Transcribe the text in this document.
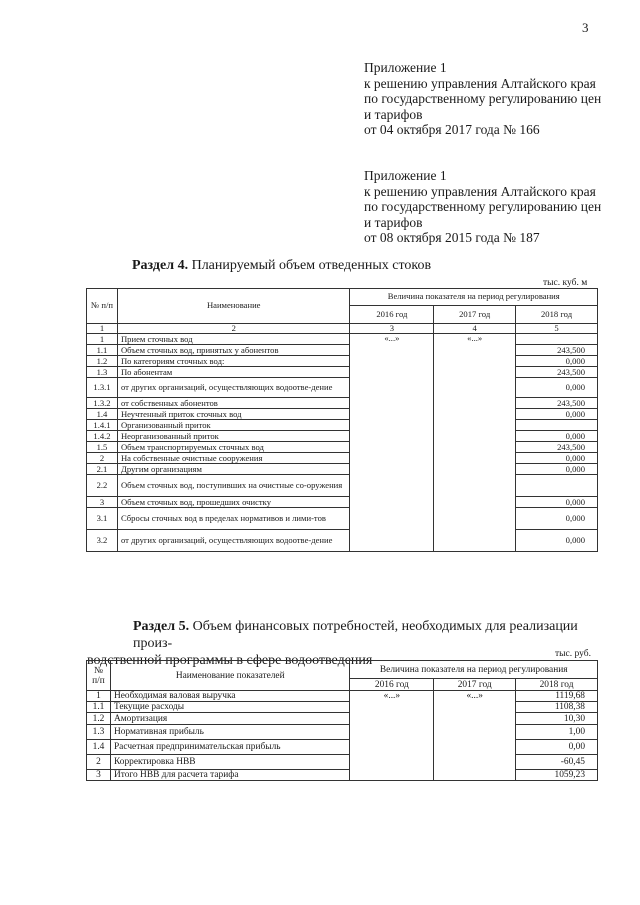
3
Приложение 1
к решению управления Алтайского края
по государственному регулированию цен
и тарифов
от 04 октября 2017 года № 166
Приложение 1
к решению управления Алтайского края
по государственному регулированию цен
и тарифов
от 08 октября 2015 года № 187
Раздел 4. Планируемый объем отведенных стоков
тыс. куб. м
№ п/п	Наименование	Величина показателя на период регулирования		
		2016 год	2017 год	2018 год
1	2	3	4	5
1	Прием сточных вод	«...»	«...»	
1.1	Объем сточных вод, принятых у абонентов			243,500
1.2	По категориям сточных вод:			0,000
1.3	По абонентам			243,500
1.3.1	от других организаций, осуществляющих водоотве-дение			0,000
1.3.2	от собственных абонентов			243,500
1.4	Неучтенный приток сточных вод			0,000
1.4.1	Организованный приток			
1.4.2	Неорганизованный приток			0,000
1.5	Объем транспортируемых сточных вод			243,500
2	На собственные очистные сооружения			0,000
2.1	Другим организациям			0,000
2.2	Объем сточных вод, поступивших на очистные со-оружения			
3	Объем сточных вод, прошедших очистку			0,000
3.1	Сбросы сточных вод в пределах нормативов и лими-тов			0,000
3.2	от других организаций, осуществляющих водоотве-дение			0,000
Раздел 5. Объем финансовых потребностей, необходимых для реализации произ-
водственной программы в сфере водоотведения	тыс. руб.
№ п/п	Наименование показателей	Величина показателя на период регулирования		
		2016 год	2017 год	2018 год
1	Необходимая валовая выручка	«...»	«...»	1119,68
1.1	Текущие расходы			1108,38
1.2	Амортизация			10,30
1.3	Нормативная прибыль			1,00
1.4	Расчетная предпринимательская прибыль			0,00
2	Корректировка НВВ			-60,45
3	Итого НВВ для расчета тарифа			1059,23
